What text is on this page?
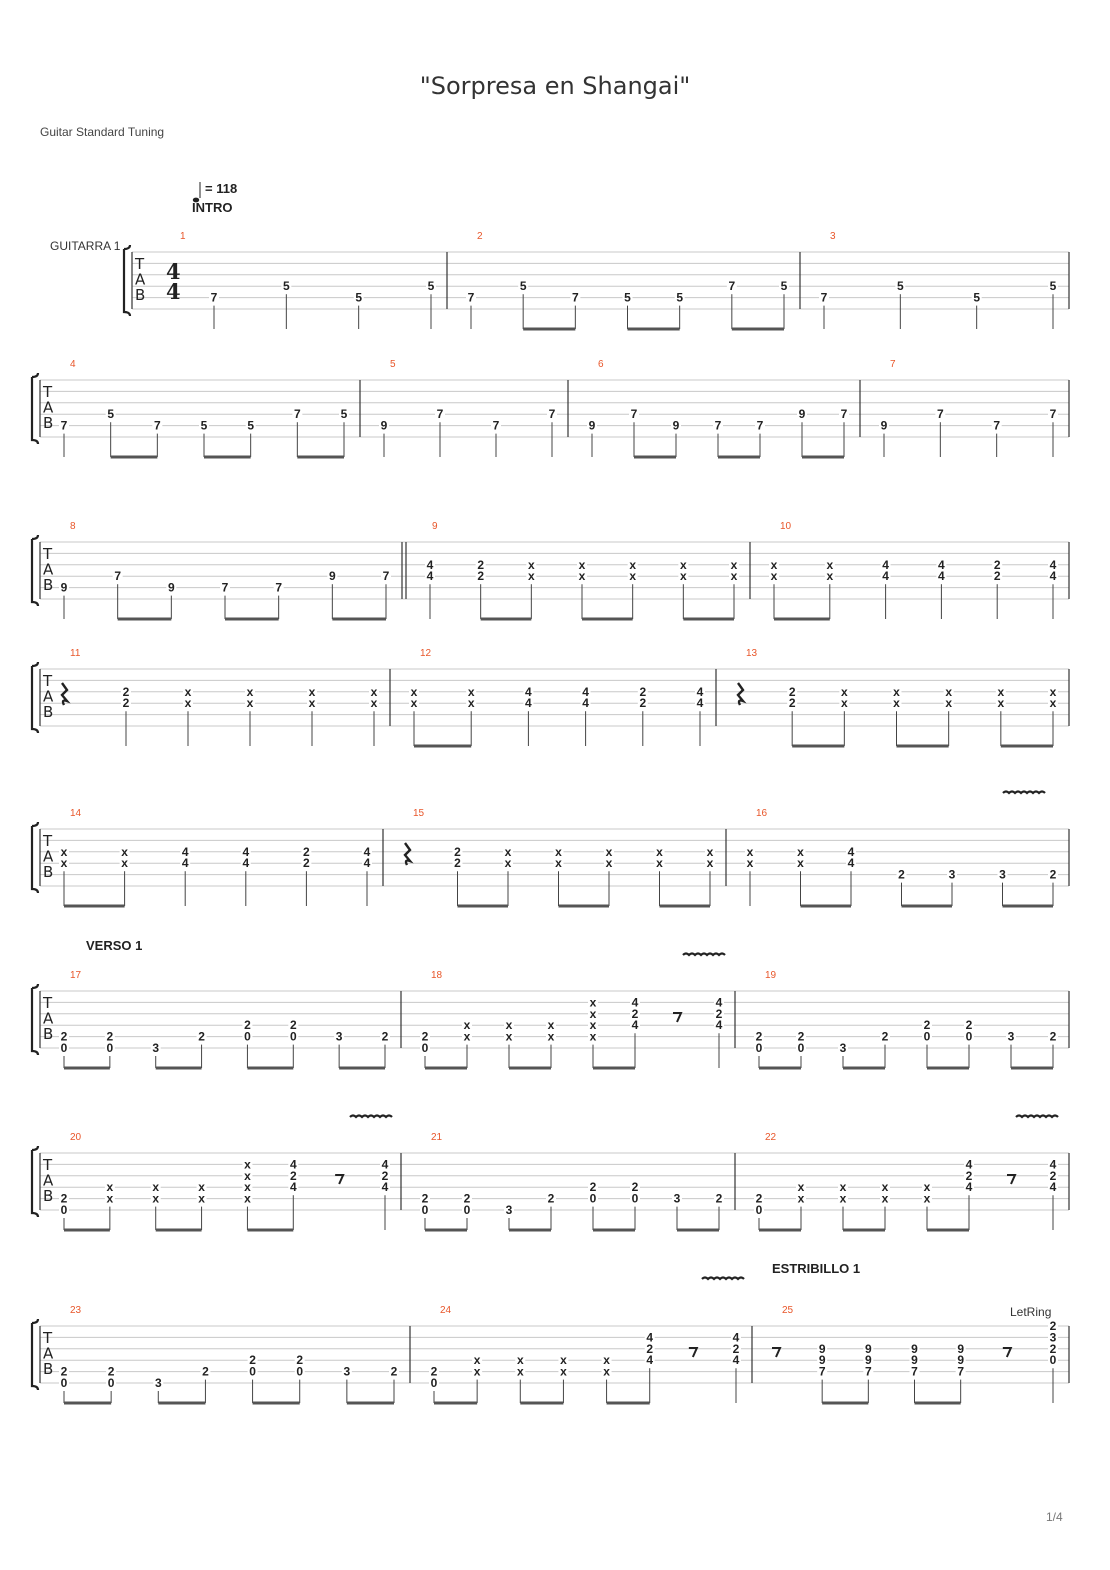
"Sorpresa en Shangai"
Guitar Standard Tuning
T
A
B
4
4
GUITARRA 1
= 118
INTRO
1
7
5
5
5
2
7
5
7	5	5
7	5
3
7
5
5
5
T
A
B
4
7
5
7	5	5
7	5
5
9
7
7
7
6
9
7
9	7	7
9	7
7
9
7
7
7
T
A
B
8
9
7
9	7	7
9	7
9
4
4
2
2
x
x
x
x
x
x
x
x
x
x
10
x
x
x
x
4
4
4
4
2
2
4
4
T
A
B
11
2
2
x
x
x
x
x
x
x
x
12
x
x
x
x
4
4
4
4
2
2
4
4
13
2
2
x
x
x
x
x
x
x
x
x
x
T
A
B
14
x
x
x
x
4
4
4
4
2
2
4
4
15
2
2
x
x
x
x
x
x
x
x
x
x
16
x
x
x
x
4
4
2	3	3	2
T
A
B
VERSO 1
17
2
0
2
0	3
2
2
0
2
0	3	2
18
2
0
x
x
x
x
x
x
x
x
x
x
4
2
4
4
2
4
19
2
0
2
0	3
2
2
0
2
0	3	2
T
A
B
20
2
0
x
x
x
x
x
x
x
x
x
x
4
2
4
4
2
4
21
2
0
2
0	3
2
2
0
2
0	3	2
22
2
0
x
x
x
x
x
x
x
x
4
2
4
4
2
4
T
A
B
ESTRIBILLO 1
LetRing
23
2
0
2
0	3
2
2
0
2
0	3	2
24
2
0
x
x
x
x
x
x
x
x
4
2
4
4
2
4
25
9
9
7
9
9
7
9
9
7
9
9
7
2
3
2
0
1/4
